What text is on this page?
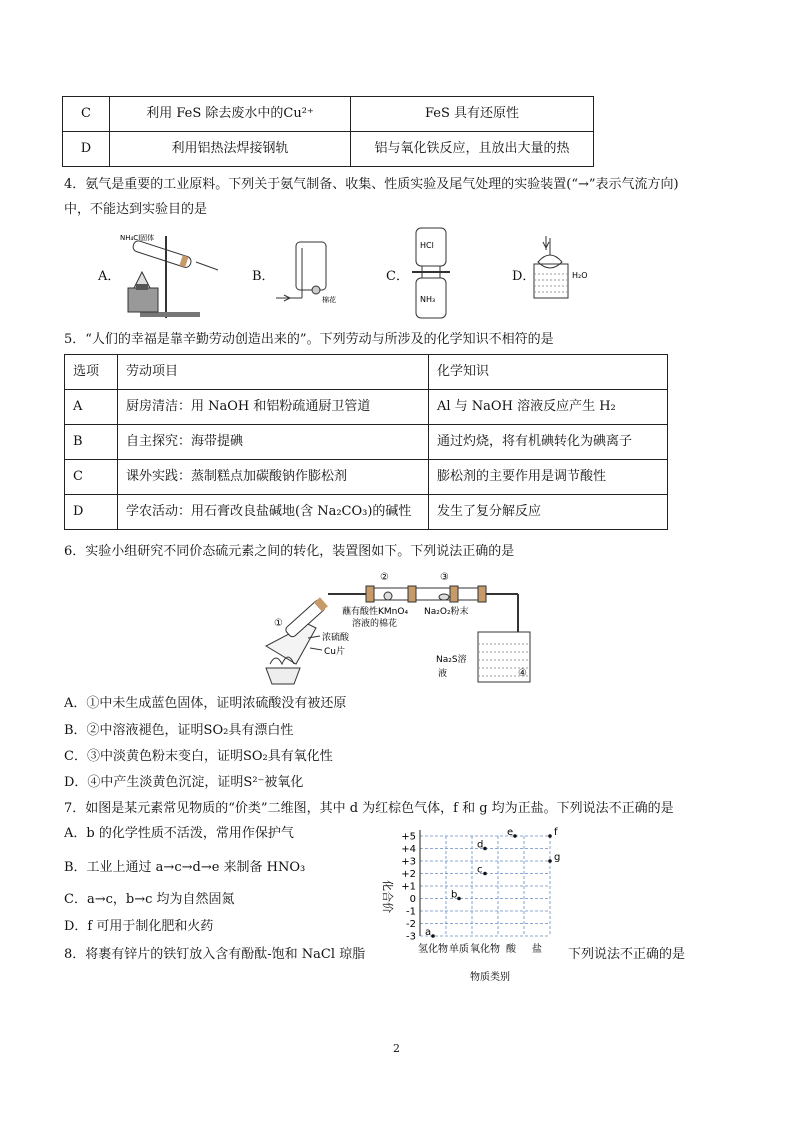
C	利用 FeS 除去废水中的Cu²⁺	FeS 具有还原性
D	利用铝热法焊接钢轨	铝与氧化铁反应，且放出大量的热
4．氨气是重要的工业原料。下列关于氨气制备、收集、性质实验及尾气处理的实验装置(“→”表示气流方向)
中，不能达到实验目的是
A．	B．	C．	D．
NH₄Cl固体
棉花
HCl
NH₃
H₂O
5．“人们的幸福是靠辛勤劳动创造出来的”。下列劳动与所涉及的化学知识不相符的是
选项	劳动项目	化学知识
A	厨房清洁：用 NaOH 和铝粉疏通厨卫管道	Al 与 NaOH 溶液反应产生 H₂
B	自主探究：海带提碘	通过灼烧，将有机碘转化为碘离子
C	课外实践：蒸制糕点加碳酸钠作膨松剂	膨松剂的主要作用是调节酸性
D	学农活动：用石膏改良盐碱地(含 Na₂CO₃)的碱性	发生了复分解反应
6．实验小组研究不同价态硫元素之间的转化，装置图如下。下列说法正确的是
①
浓硫酸
Cu片
②	③
蘸有酸性KMnO₄
溶液的棉花
Na₂O₂粉末
Na₂S溶
液	④
A．①中未生成蓝色固体，证明浓硫酸没有被还原
B．②中溶液褪色，证明SO₂具有漂白性
C．③中淡黄色粉末变白，证明SO₂具有氧化性
D．④中产生淡黄色沉淀，证明S²⁻被氧化
7．如图是某元素常见物质的“价类”二维图，其中 d 为红棕色气体，f 和 g 均为正盐。下列说法不正确的是
A．b 的化学性质不活泼，常用作保护气
B．工业上通过 a→c→d→e 来制备 HNO₃
C．a→c，b→c 均为自然固氮
D．f 可用于制化肥和火药
化合价
物质类别
+5
+4
+3
+2
+1
0
-1
-2
-3
氢化物 单质 氧化物 酸 盐
a
b
c
d
e	f
g
8．将裹有锌片的铁钉放入含有酚酞-饱和 NaCl 琼脂	下列说法不正确的是
2
